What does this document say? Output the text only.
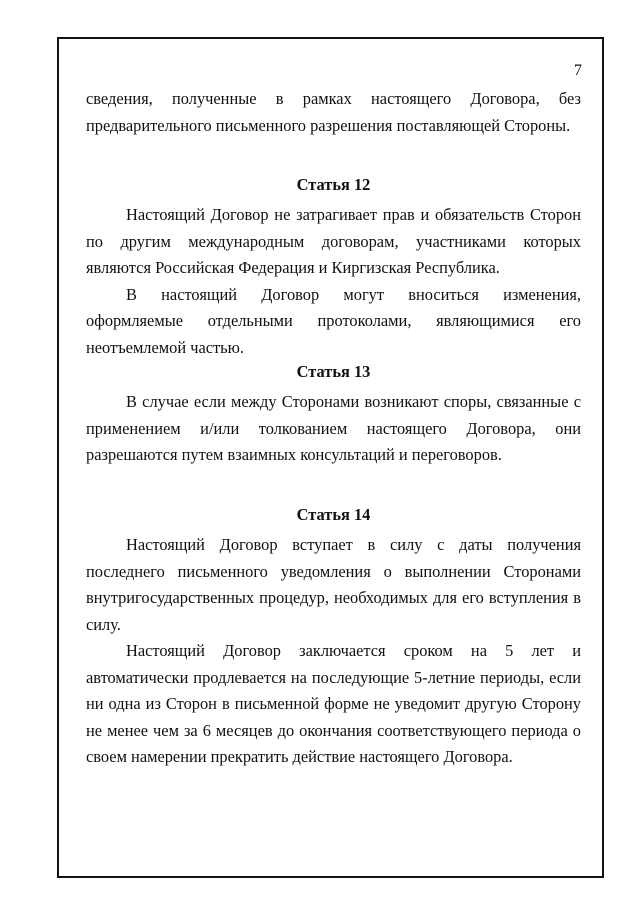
7

сведения, полученные в рамках настоящего Договора, без

предварительного письменного разрешения поставляющей Стороны.

Статья 12

Настоящий Договор не затрагивает прав и обязательств Сторон по другим международным договорам, участниками которых являются Российская Федерация и Киргизская Республика.

В настоящий Договор могут вноситься изменения, оформляемые отдельными протоколами, являющимися его неотъемлемой частью.

Статья 13

В случае если между Сторонами возникают споры, связанные с применением и/или толкованием настоящего Договора, они разрешаются путем взаимных консультаций и переговоров.

Статья 14

Настоящий Договор вступает в силу с даты получения последнего письменного уведомления о выполнении Сторонами внутригосударственных процедур, необходимых для его вступления в силу.

Настоящий Договор заключается сроком на 5 лет и автоматически продлевается на последующие 5-летние периоды, если ни одна из Сторон в письменной форме не уведомит другую Сторону не менее чем за 6 месяцев до окончания соответствующего периода о своем намерении прекратить действие настоящего Договора.
